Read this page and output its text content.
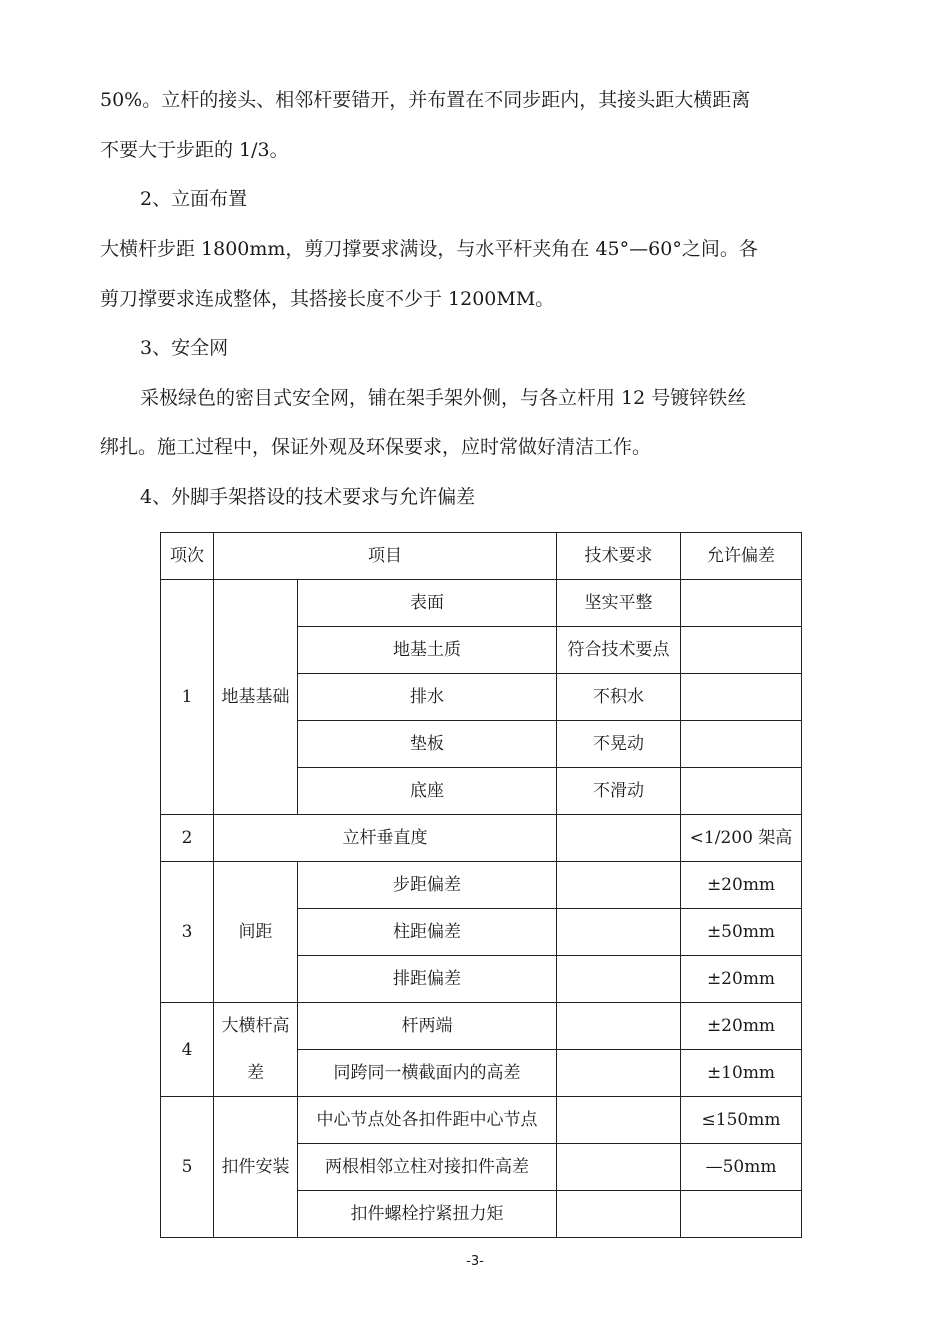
50%。立杆的接头、相邻杆要错开，并布置在不同步距内，其接头距大横距离

不要大于步距的 1/3。

2、立面布置

大横杆步距 1800mm，剪刀撑要求满设，与水平杆夹角在 45°—60°之间。各

剪刀撑要求连成整体，其搭接长度不少于 1200MM。

3、安全网

采极绿色的密目式安全网，铺在架手架外侧，与各立杆用 12 号镀锌铁丝

绑扎。施工过程中，保证外观及环保要求，应时常做好清洁工作。

4、外脚手架搭设的技术要求与允许偏差

项次	项目		技术要求	允许偏差
1	地基基础	表面	坚实平整	
		地基土质	符合技术要点	
		排水	不积水	
		垫板	不晃动	
		底座	不滑动	
2	立杆垂直度			<1/200 架高
3	间距	步距偏差		±20mm
		柱距偏差		±50mm
		排距偏差		±20mm
4	大横杆高	杆两端		±20mm
	差	同跨同一横截面内的高差		±10mm
5	扣件安装	中心节点处各扣件距中心节点		≤150mm
		两根相邻立柱对接扣件高差		—50mm
		扣件螺栓拧紧扭力矩		
-3-
